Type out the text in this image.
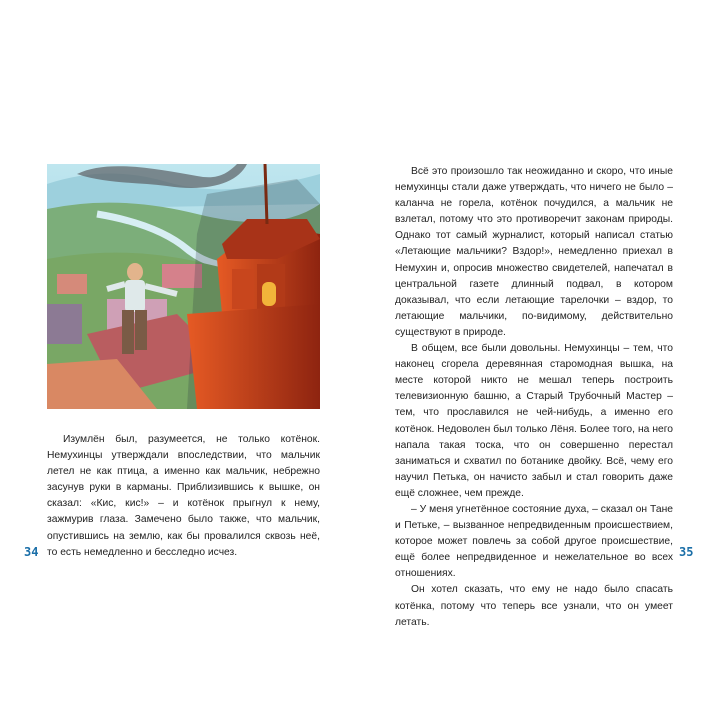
Изумлён был, разумеется, не только котёнок. Немухинцы утверждали впоследствии, что мальчик летел не как птица, а именно как мальчик, небрежно засунув руки в карманы. Приблизившись к вышке, он сказал: «Кис, кис!» – и котёнок прыгнул к нему, зажмурив глаза. Замечено было также, что мальчик, опустившись на землю, как бы провалился сквозь неё, то есть немедленно и бесследно исчез.

34

Всё это произошло так неожиданно и скоро, что иные немухинцы стали даже утверждать, что ничего не было – каланча не горела, котёнок почудился, а мальчик не взлетал, потому что это противоречит законам природы. Однако тот самый журналист, который написал статью «Летающие мальчики? Вздор!», немедленно приехал в Немухин и, опросив множество свидетелей, напечатал в центральной газете длинный подвал, в котором доказывал, что если летающие тарелочки – вздор, то летающие мальчики, по-видимому, действительно существуют в природе.

В общем, все были довольны. Немухинцы – тем, что наконец сгорела деревянная старомодная вышка, на месте которой никто не мешал теперь построить телевизионную башню, а Старый Трубочный Мастер – тем, что прославился не чей-нибудь, а именно его котёнок. Недоволен был только Лёня. Более того, на него напала такая тоска, что он совершенно перестал заниматься и схватил по ботанике двойку. Всё, чему его научил Петька, он начисто забыл и стал говорить даже ещё сложнее, чем прежде.

– У меня угнетённое состояние духа, – сказал он Тане и Петьке, – вызванное непредвиденным происшествием, которое может повлечь за собой другое происшествие, ещё более непредвиденное и нежелательное во всех отношениях.

Он хотел сказать, что ему не надо было спасать котёнка, потому что теперь все узнали, что он умеет летать.

35
